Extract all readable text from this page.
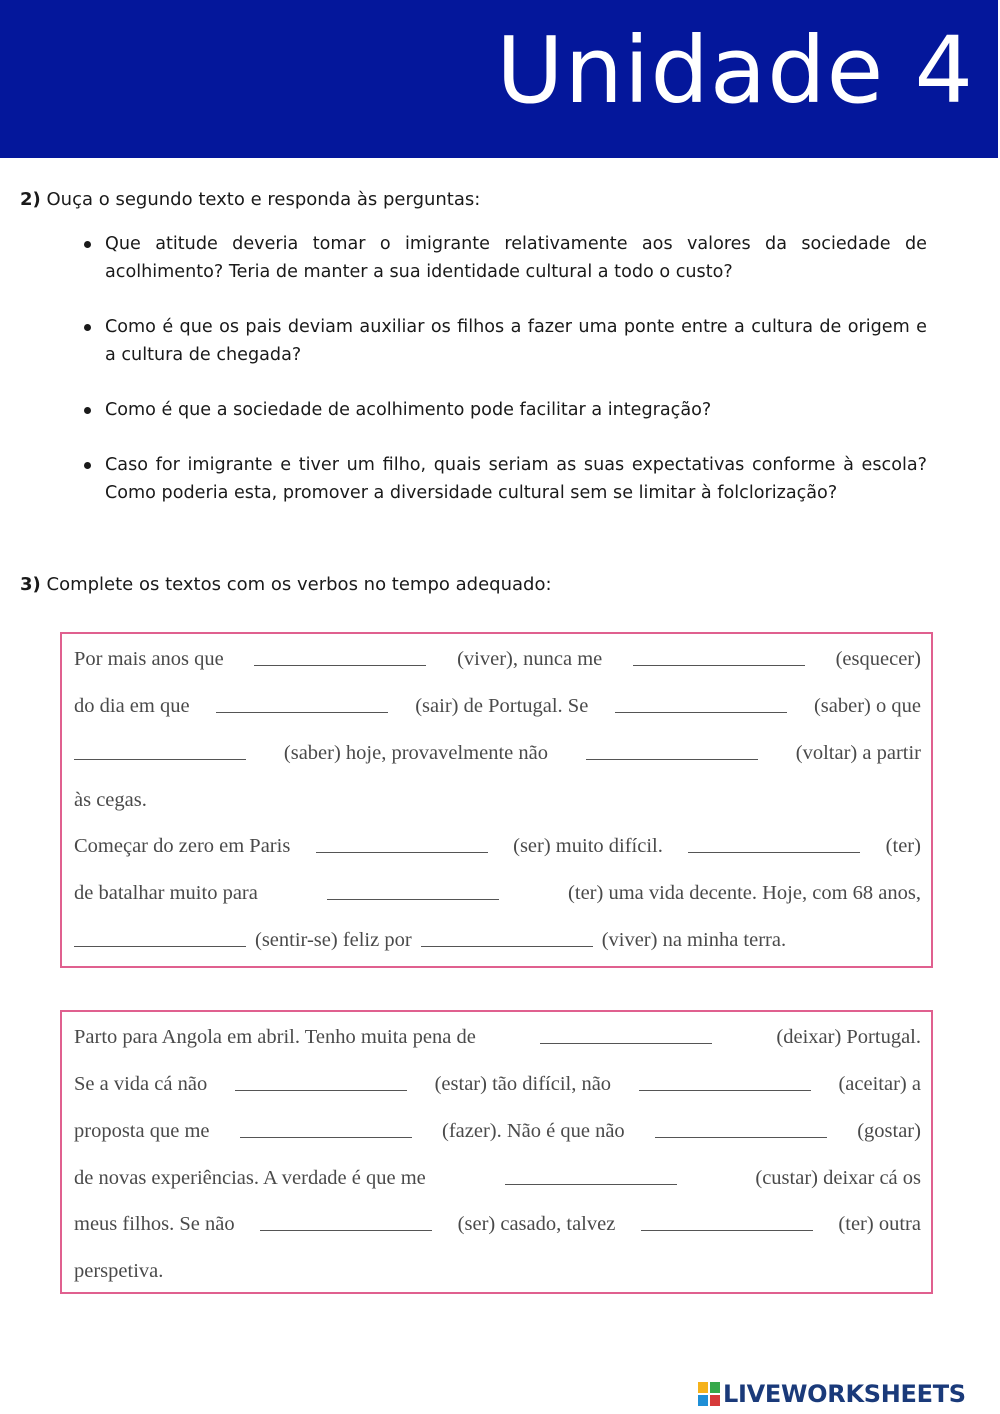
Unidade 4
2) Ouça o segundo texto e responda às perguntas:
Que atitude deveria tomar o imigrante relativamente aos valores da sociedade de acolhimento? Teria de manter a sua identidade cultural a todo o custo?
Como é que os pais deviam auxiliar os filhos a fazer uma ponte entre a cultura de origem e a cultura de chegada?
Como é que a sociedade de acolhimento pode facilitar a integração?
Caso for imigrante e tiver um filho, quais seriam as suas expectativas conforme à escola? Como poderia esta, promover a diversidade cultural sem se limitar à folclorização?
3) Complete os textos com os verbos no tempo adequado:
Por mais anos que	(viver), nunca me	(esquecer)
do dia em que	(sair) de Portugal. Se	(saber) o que
(saber) hoje, provavelmente não	(voltar) a partir
às cegas.
Começar do zero em Paris	(ser) muito difícil.	(ter)
de batalhar muito para	(ter) uma vida decente. Hoje, com 68 anos,
(sentir-se) feliz por	(viver) na minha terra.
Parto para Angola em abril. Tenho muita pena de	(deixar) Portugal.
Se a vida cá não	(estar) tão difícil, não	(aceitar) a
proposta que me	(fazer). Não é que não	(gostar)
de novas experiências. A verdade é que me	(custar) deixar cá os
meus filhos. Se não	(ser) casado, talvez	(ter) outra
perspetiva.
LIVEWORKSHEETS
